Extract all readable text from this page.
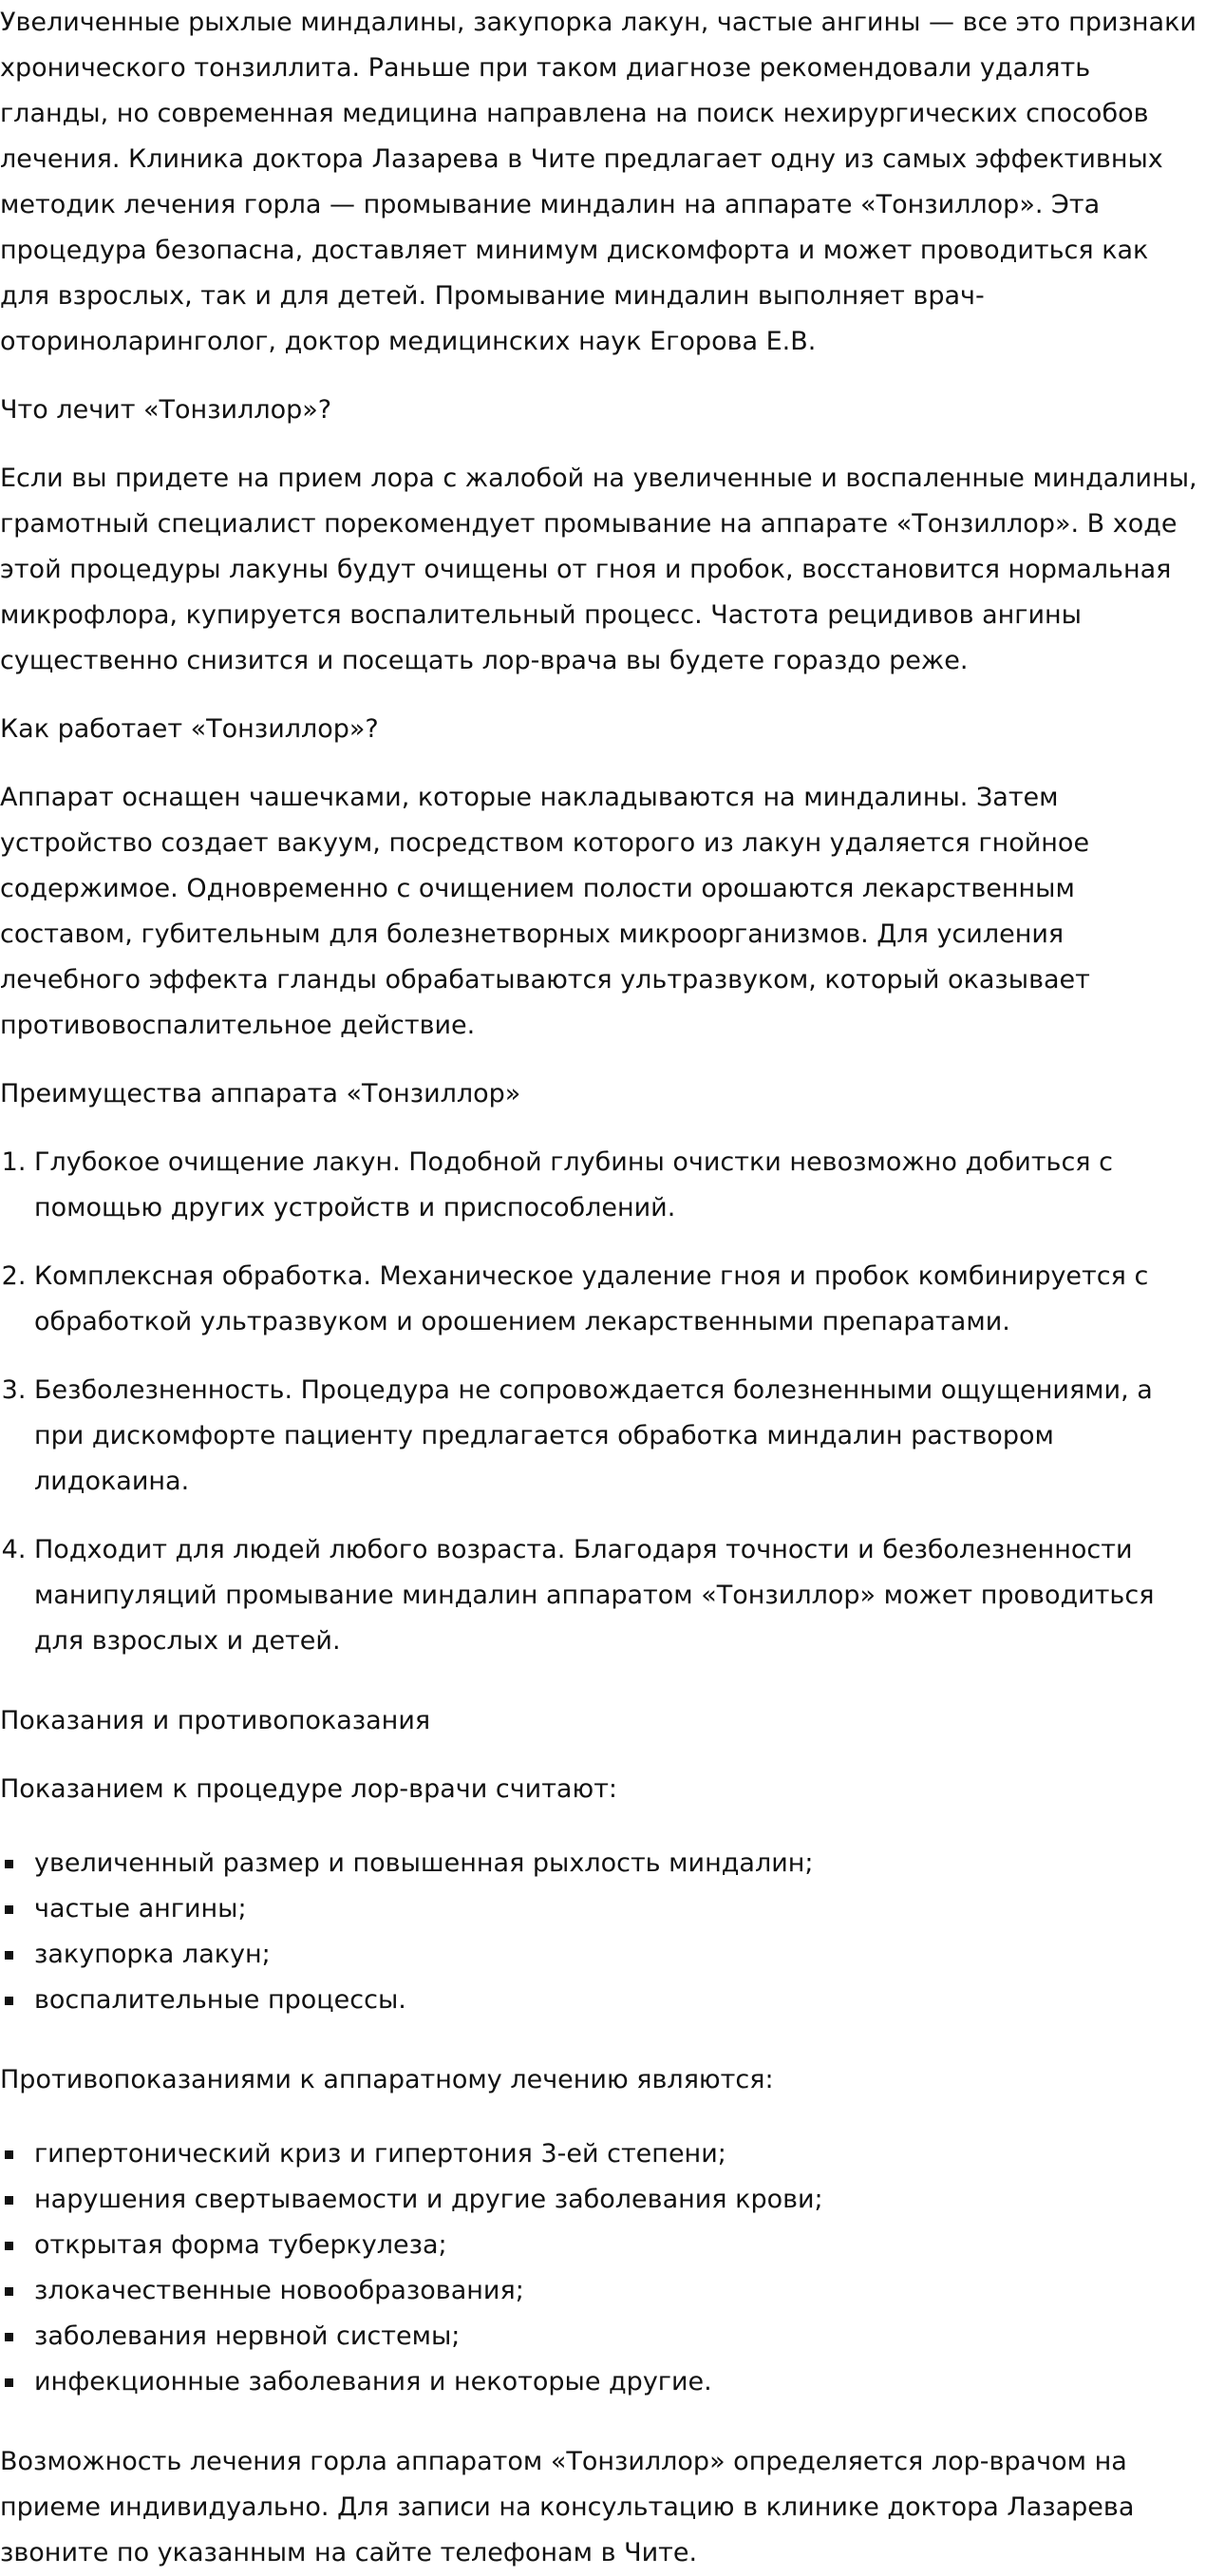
Увеличенные рыхлые миндалины, закупорка лакун, частые ангины — все это признаки хронического тонзиллита. Раньше при таком диагнозе рекомендовали удалять гланды, но современная медицина направлена на поиск нехирургических способов лечения. Клиника доктора Лазарева в Чите предлагает одну из самых эффективных методик лечения горла — промывание миндалин на аппарате «Тонзиллор». Эта процедура безопасна, доставляет минимум дискомфорта и может проводиться как для взрослых, так и для детей. Промывание миндалин выполняет врач-оториноларинголог, доктор медицинских наук Егорова Е.В.

Что лечит «Тонзиллор»?

Если вы придете на прием лора с жалобой на увеличенные и воспаленные миндалины, грамотный специалист порекомендует промывание на аппарате «Тонзиллор». В ходе этой процедуры лакуны будут очищены от гноя и пробок, восстановится нормальная микрофлора, купируется воспалительный процесс. Частота рецидивов ангины существенно снизится и посещать лор-врача вы будете гораздо реже.

Как работает «Тонзиллор»?

Аппарат оснащен чашечками, которые накладываются на миндалины. Затем устройство создает вакуум, посредством которого из лакун удаляется гнойное содержимое. Одновременно с очищением полости орошаются лекарственным составом, губительным для болезнетворных микроорганизмов. Для усиления лечебного эффекта гланды обрабатываются ультразвуком, который оказывает противовоспалительное действие.

Преимущества аппарата «Тонзиллор»

1. Глубокое очищение лакун. Подобной глубины очистки невозможно добиться с помощью других устройств и приспособлений.
2. Комплексная обработка. Механическое удаление гноя и пробок комбинируется с обработкой ультразвуком и орошением лекарственными препаратами.
3. Безболезненность. Процедура не сопровождается болезненными ощущениями, а при дискомфорте пациенту предлагается обработка миндалин раствором лидокаина.
4. Подходит для людей любого возраста. Благодаря точности и безболезненности манипуляций промывание миндалин аппаратом «Тонзиллор» может проводиться для взрослых и детей.

Показания и противопоказания

Показанием к процедуре лор-врачи считают:

увеличенный размер и повышенная рыхлость миндалин;
частые ангины;
закупорка лакун;
воспалительные процессы.

Противопоказаниями к аппаратному лечению являются:

гипертонический криз и гипертония 3-ей степени;
нарушения свертываемости и другие заболевания крови;
открытая форма туберкулеза;
злокачественные новообразования;
заболевания нервной системы;
инфекционные заболевания и некоторые другие.

Возможность лечения горла аппаратом «Тонзиллор» определяется лор-врачом на приеме индивидуально. Для записи на консультацию в клинике доктора Лазарева звоните по указанным на сайте телефонам в Чите.
